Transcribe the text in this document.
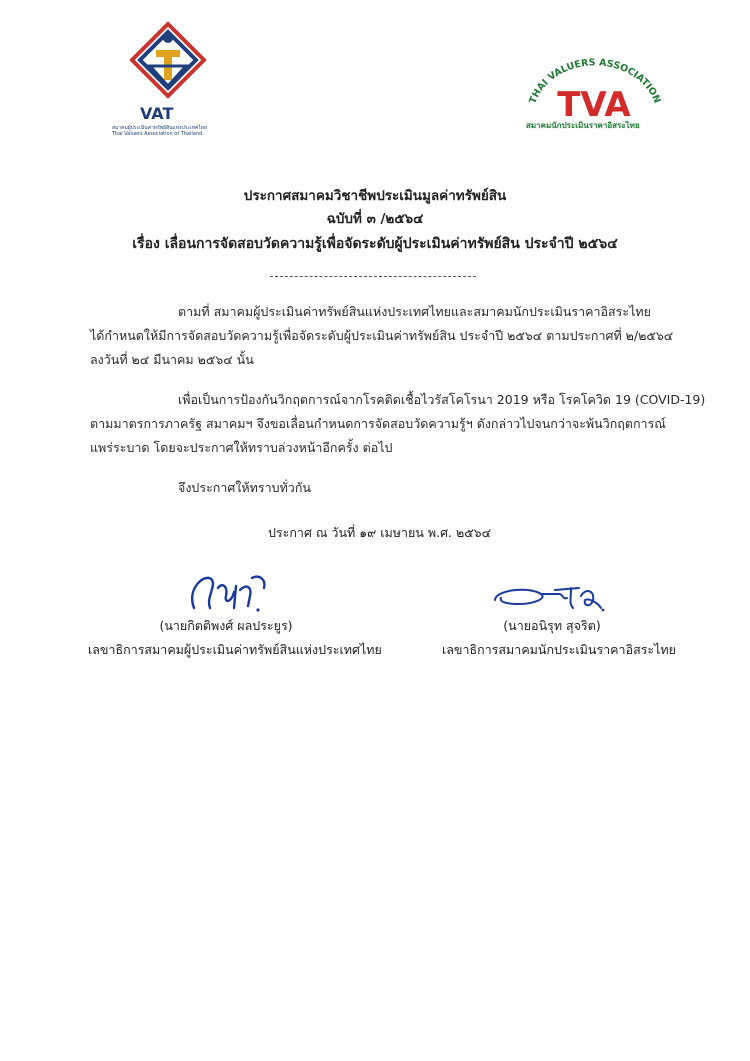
VAT
สมาคมผู้ประเมินค่าทรัพย์สินแห่งประเทศไทย
Thai Valuers Association of Thailand
THAI VALUERS ASSOCIATION
TVA
สมาคมนักประเมินราคาอิสระไทย
ประกาศสมาคมวิชาชีพประเมินมูลค่าทรัพย์สิน
ฉบับที่ ๓ /๒๕๖๔
เรื่อง เลื่อนการจัดสอบวัดความรู้เพื่อจัดระดับผู้ประเมินค่าทรัพย์สิน ประจำปี ๒๕๖๔
ตามที่ สมาคมผู้ประเมินค่าทรัพย์สินแห่งประเทศไทยและสมาคมนักประเมินราคาอิสระไทย
ได้กำหนดให้มีการจัดสอบวัดความรู้เพื่อจัดระดับผู้ประเมินค่าทรัพย์สิน ประจำปี ๒๕๖๔ ตามประกาศที่ ๒/๒๕๖๔
ลงวันที่ ๒๔ มีนาคม ๒๕๖๔ นั้น
เพื่อเป็นการป้องกันวิกฤตการณ์จากโรคติดเชื้อไวรัสโคโรนา 2019 หรือ โรคโควิด 19 (COVID-19)
ตามมาตรการภาครัฐ สมาคมฯ จึงขอเลื่อนกำหนดการจัดสอบวัดความรู้ฯ ดังกล่าวไปจนกว่าจะพ้นวิกฤตการณ์
แพร่ระบาด โดยจะประกาศให้ทราบล่วงหน้าอีกครั้ง ต่อไป
จึงประกาศให้ทราบทั่วกัน
ประกาศ ณ วันที่ ๑๙ เมษายน พ.ศ. ๒๕๖๔
(นายกิตติพงศ์ ผลประยูร)
เลขาธิการสมาคมผู้ประเมินค่าทรัพย์สินแห่งประเทศไทย
(นายอนิรุท สุจริต)
เลขาธิการสมาคมนักประเมินราคาอิสระไทย
